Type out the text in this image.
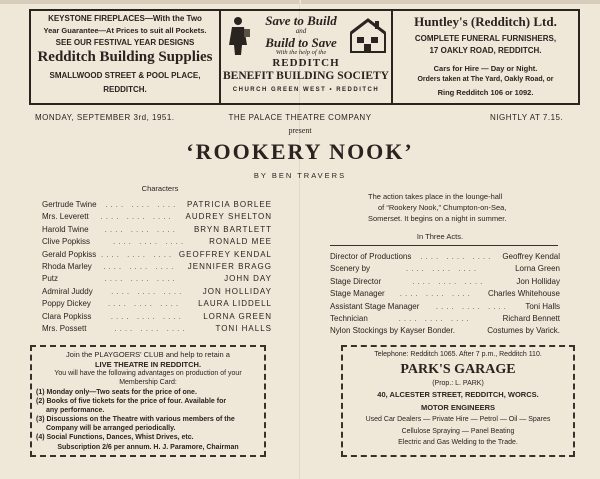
KEYSTONE FIREPLACES—With the Two
Year Guarantee—At Prices to suit all Pockets.
SEE OUR FESTIVAL YEAR DESIGNS
Redditch Building Supplies
SMALLWOOD STREET & POOL PLACE,
REDDITCH.
Save to Build
and
Build to Save
With the help of the
REDDITCH
BENEFIT BUILDING SOCIETY
CHURCH GREEN WEST • REDDITCH
Huntley's (Redditch) Ltd.
COMPLETE FUNERAL FURNISHERS,
17 OAKLY ROAD, REDDITCH.
Cars for Hire — Day or Night.
Orders taken at The Yard, Oakly Road, or
Ring Redditch 106 or 1092.
MONDAY, SEPTEMBER 3rd, 1951.	THE PALACE THEATRE COMPANY	NIGHTLY AT 7.15.
present
‘ROOKERY NOOK’
BY BEN TRAVERS
Characters
Gertrude Twine	.... .... ....	PATRICIA BORLEE
Mrs. Leverett	.... .... ....	AUDREY SHELTON
Harold Twine	.... .... ....	BRYN BARTLETT
Clive Popkiss	.... .... ....	RONALD MEE
Gerald Popkiss .... .... .... GEOFFREY KENDAL
Rhoda Marley	.... .... ....	JENNIFER BRAGG
Putz	.... .... ....	JOHN DAY
Admiral Juddy	.... .... ....	JON HOLLIDAY
Poppy Dickey	.... .... ....	LAURA LIDDELL
Clara Popkiss	.... .... ....	LORNA GREEN
Mrs. Possett	.... .... ....	TONI HALLS
The action takes place in the lounge-hall
of “Rookery Nook,” Chumpton-on-Sea,
Somerset. It begins on a night in summer.
In Three Acts.
Director of Productions	.... .... ....	Geoffrey Kendal
Scenery by	.... .... ....	Lorna Green
Stage Director	.... .... ....	Jon Holliday
Stage Manager	.... .... ....	Charles Whitehouse
Assistant Stage Manager	.... .... ....	Toni Halls
Technician	.... .... ....	Richard Bennett
Nylon Stockings by Kayser Bonder.	Costumes by Varick.
Join the PLAYGOERS' CLUB and help to retain a
LIVE THEATRE IN REDDITCH.
You will have the following advantages on production of your
Membership Card:
(1) Monday only—Two seats for the price of one.
(2) Books of five tickets for the price of four. Available for
any performance.
(3) Discussions on the Theatre with various members of the
Company will be arranged periodically.
(4) Social Functions, Dances, Whist Drives, etc.
Subscription 2/6 per annum. H. J. Paramore, Chairman
Telephone: Redditch 1065. After 7 p.m., Redditch 110.
PARK'S GARAGE
(Prop.: L. PARK)
40, ALCESTER STREET, REDDITCH, WORCS.
MOTOR ENGINEERS
Used Car Dealers — Private Hire — Petrol — Oil — Spares
Cellulose Spraying — Panel Beating
Electric and Gas Welding to the Trade.
